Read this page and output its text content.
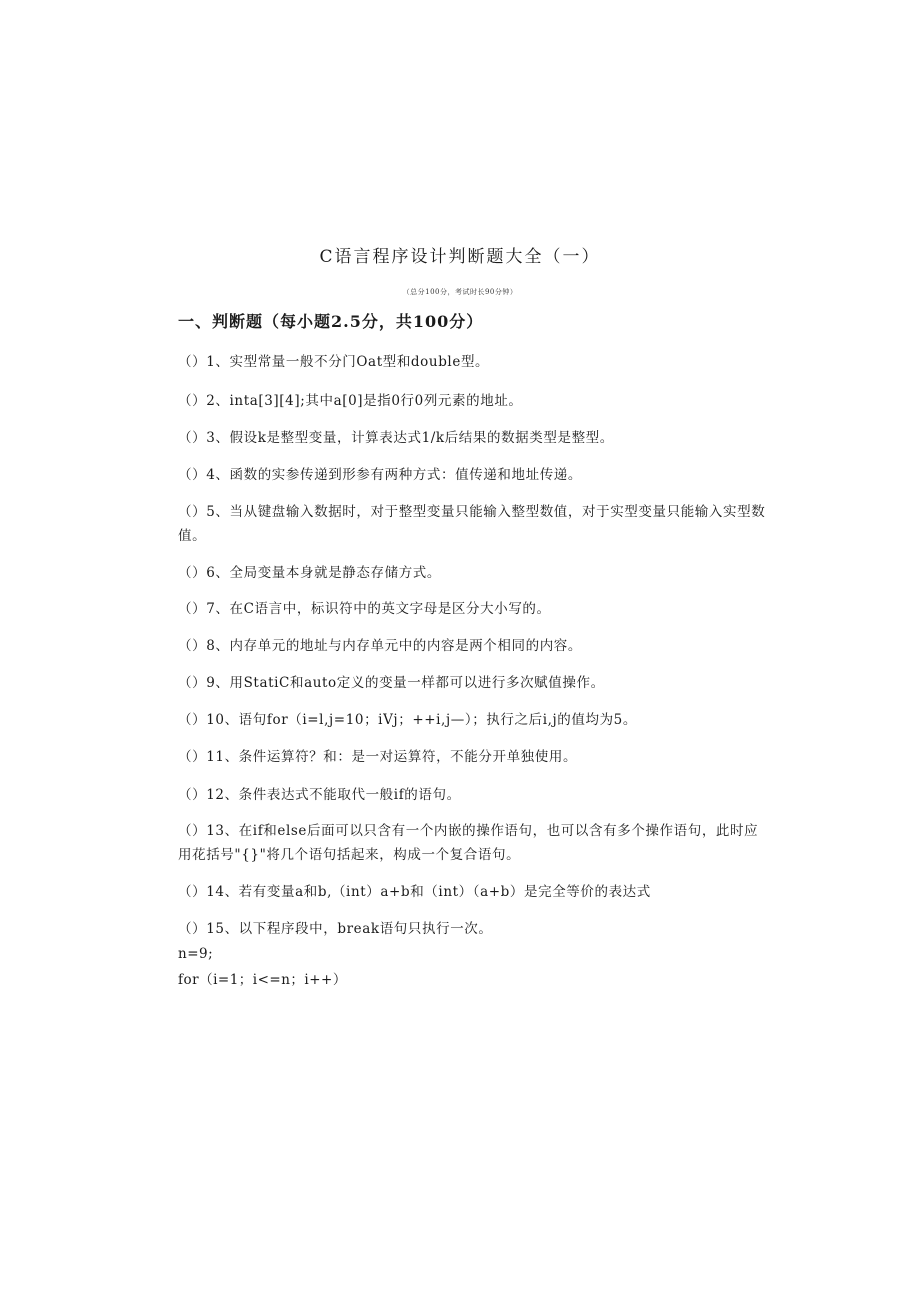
C语言程序设计判断题大全（一）
（总分100分，考试时长90分钟）
一、判断题（每小题2.5分，共100分）
（）1、实型常量一般不分门Oat型和double型。
（）2、inta[3][4];其中a[0]是指0行0列元素的地址。
（）3、假设k是整型变量，计算表达式1/k后结果的数据类型是整型。
（）4、函数的实参传递到形参有两种方式：值传递和地址传递。
（）5、当从键盘输入数据时，对于整型变量只能输入整型数值，对于实型变量只能输入实型数值。
（）6、全局变量本身就是静态存储方式。
（）7、在C语言中，标识符中的英文字母是区分大小写的。
（）8、内存单元的地址与内存单元中的内容是两个相同的内容。
（）9、用StatiC和auto定义的变量一样都可以进行多次赋值操作。
（）10、语句for（i=l,j=10；iVj；++i,j—）；执行之后i,j的值均为5。
（）11、条件运算符？和：是一对运算符，不能分开单独使用。
（）12、条件表达式不能取代一般if的语句。
（）13、在if和else后面可以只含有一个内嵌的操作语句，也可以含有多个操作语句，此时应用花括号"{}"将几个语句括起来，构成一个复合语句。
（）14、若有变量a和b,（int）a+b和（int）（a+b）是完全等价的表达式
（）15、以下程序段中，break语句只执行一次。
n=9;
for（i=1；i<=n；i++）
